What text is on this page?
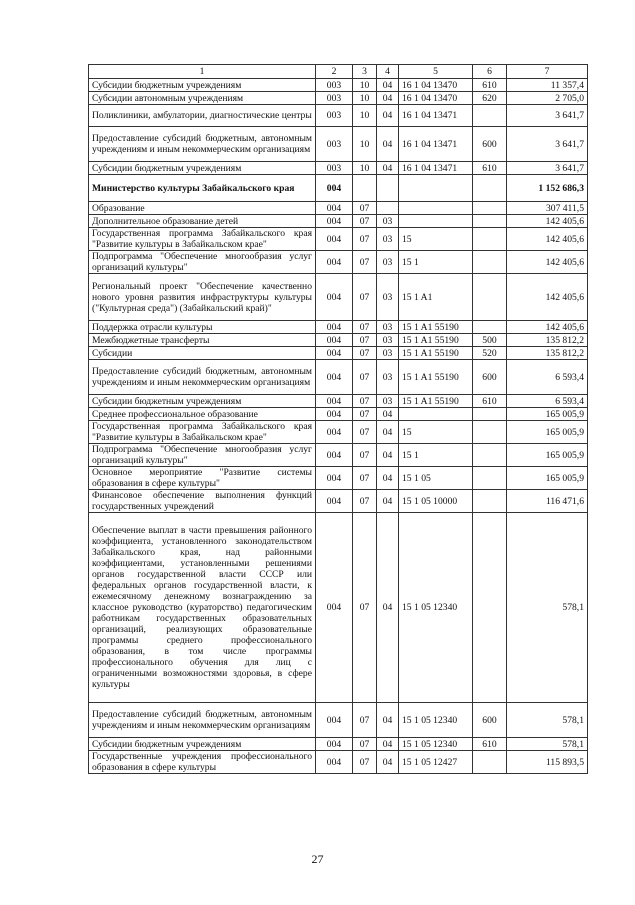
1	2	3	4	5	6	7
Субсидии бюджетным учреждениям	003	10	04	16 1 04 13470	610	11 357,4
Субсидии автономным учреждениям	003	10	04	16 1 04 13470	620	2 705,0
Поликлиники, амбулатории, диагностические центры	003	10	04	16 1 04 13471		3 641,7
Предоставление субсидий бюджетным, автономным учреждениям и иным некоммерческим организациям	003	10	04	16 1 04 13471	600	3 641,7
Субсидии бюджетным учреждениям	003	10	04	16 1 04 13471	610	3 641,7
Министерство культуры Забайкальского края	004					1 152 686,3
Образование	004	07				307 411,5
Дополнительное образование детей	004	07	03			142 405,6
Государственная программа Забайкальского края "Развитие культуры в Забайкальском крае"	004	07	03	15		142 405,6
Подпрограмма "Обеспечение многообразия услуг организаций культуры"	004	07	03	15 1		142 405,6
Региональный проект "Обеспечение качественно нового уровня развития инфраструктуры культуры ("Культурная среда") (Забайкальский край)"	004	07	03	15 1 A1		142 405,6
Поддержка отрасли культуры	004	07	03	15 1 A1 55190		142 405,6
Межбюджетные трансферты	004	07	03	15 1 A1 55190	500	135 812,2
Субсидии	004	07	03	15 1 A1 55190	520	135 812,2
Предоставление субсидий бюджетным, автономным учреждениям и иным некоммерческим организациям	004	07	03	15 1 A1 55190	600	6 593,4
Субсидии бюджетным учреждениям	004	07	03	15 1 A1 55190	610	6 593,4
Среднее профессиональное образование	004	07	04			165 005,9
Государственная программа Забайкальского края "Развитие культуры в Забайкальском крае"	004	07	04	15		165 005,9
Подпрограмма "Обеспечение многообразия услуг организаций культуры"	004	07	04	15 1		165 005,9
Основное мероприятие "Развитие системы образования в сфере культуры"	004	07	04	15 1 05		165 005,9
Финансовое обеспечение выполнения функций государственных учреждений	004	07	04	15 1 05 10000		116 471,6
Обеспечение выплат в части превышения районного коэффициента, установленного законодательством Забайкальского края, над районными коэффициентами, установленными решениями органов государственной власти СССР или федеральных органов государственной власти, к ежемесячному денежному вознаграждению за классное руководство (кураторство) педагогическим работникам государственных образовательных организаций, реализующих образовательные программы среднего профессионального образования, в том числе программы профессионального обучения для лиц с ограниченными возможностями здоровья, в сфере культуры	004	07	04	15 1 05 12340		578,1
Предоставление субсидий бюджетным, автономным учреждениям и иным некоммерческим организациям	004	07	04	15 1 05 12340	600	578,1
Субсидии бюджетным учреждениям	004	07	04	15 1 05 12340	610	578,1
Государственные учреждения профессионального образования в сфере культуры	004	07	04	15 1 05 12427		115 893,5
27
